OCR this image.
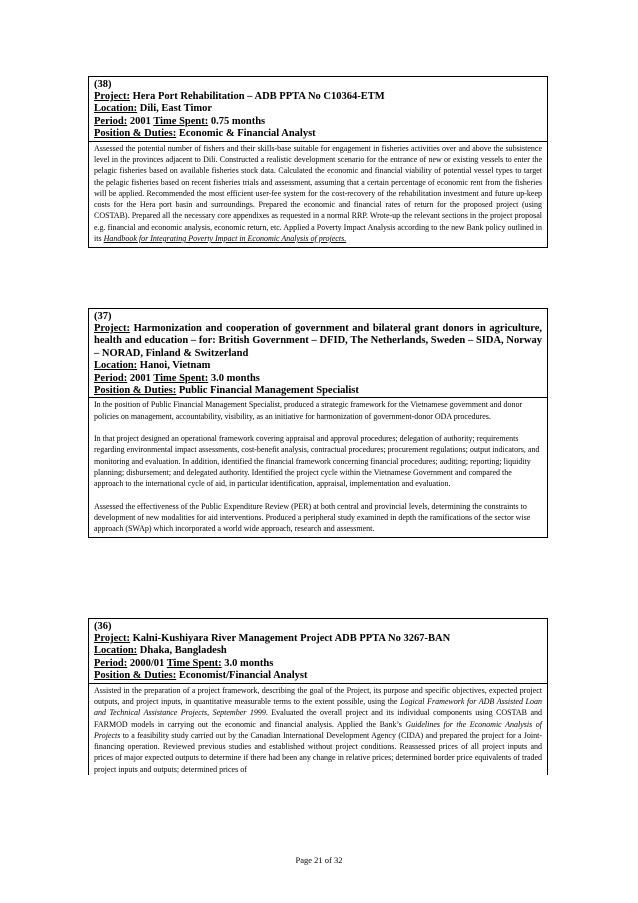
(38)
Project: Hera Port Rehabilitation – ADB PPTA No C10364-ETM
Location: Dili, East Timor
Period: 2001 Time Spent: 0.75 months
Position & Duties: Economic & Financial Analyst

Assessed the potential number of fishers and their skills-base suitable for engagement in fisheries activities over and above the subsistence level in the provinces adjacent to Dili. Constructed a realistic development scenario for the entrance of new or existing vessels to enter the pelagic fisheries based on available fisheries stock data. Calculated the economic and financial viability of potential vessel types to target the pelagic fisheries based on recent fisheries trials and assessment, assuming that a certain percentage of economic rent from the fisheries will be applied. Recommended the most efficient user-fee system for the cost-recovery of the rehabilitation investment and future up-keep costs for the Hera port basin and surroundings. Prepared the economic and financial rates of return for the proposed project (using COSTAB). Prepared all the necessary core appendixes as requested in a normal RRP. Wrote-up the relevant sections in the project proposal e.g. financial and economic analysis, economic return, etc. Applied a Poverty Impact Analysis according to the new Bank policy outlined in its Handbook for Integrating Poverty Impact in Economic Analysis of projects.

(37)
Project: Harmonization and cooperation of government and bilateral grant donors in agriculture, health and education – for: British Government – DFID, The Netherlands, Sweden – SIDA, Norway – NORAD, Finland & Switzerland
Location: Hanoi, Vietnam
Period: 2001 Time Spent: 3.0 months
Position & Duties: Public Financial Management Specialist

In the position of Public Financial Management Specialist, produced a strategic framework for the Vietnamese government and donor policies on management, accountability, visibility, as an initiative for harmonization of government-donor ODA procedures.

In that project designed an operational framework covering appraisal and approval procedures; delegation of authority; requirements regarding environmental impact assessments, cost-benefit analysis, contractual procedures; procurement regulations; output indicators, and monitoring and evaluation. In addition, identified the financial framework concerning financial procedures; auditing; reporting; liquidity planning; disbursement; and delegated authority. Identified the project cycle within the Vietnamese Government and compared the approach to the international cycle of aid, in particular identification, appraisal, implementation and evaluation.

Assessed the effectiveness of the Public Expenditure Review (PER) at both central and provincial levels, determining the constraints to development of new modalities for aid interventions. Produced a peripheral study examined in depth the ramifications of the sector wise approach (SWAp) which incorporated a world wide approach, research and assessment.

(36)
Project: Kalni-Kushiyara River Management Project ADB PPTA No 3267-BAN
Location: Dhaka, Bangladesh
Period: 2000/01 Time Spent: 3.0 months
Position & Duties: Economist/Financial Analyst

Assisted in the preparation of a project framework, describing the goal of the Project, its purpose and specific objectives, expected project outputs, and project inputs, in quantitative measurable terms to the extent possible, using the Logical Framework for ADB Assisted Loan and Technical Assistance Projects, September 1999. Evaluated the overall project and its individual components using COSTAB and FARMOD models in carrying out the economic and financial analysis. Applied the Bank’s Guidelines for the Economic Analysis of Projects to a feasibility study carried out by the Canadian International Development Agency (CIDA) and prepared the project for a Joint-financing operation. Reviewed previous studies and established without project conditions. Reassessed prices of all project inputs and prices of major expected outputs to determine if there had been any change in relative prices; determined border price equivalents of traded project inputs and outputs; determined prices of

Page 21 of 32
